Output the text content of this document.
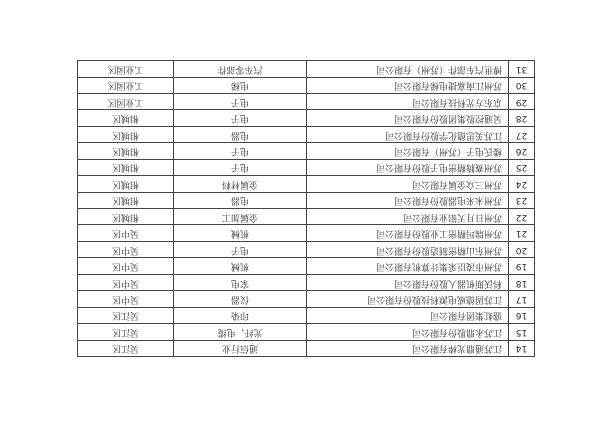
14	江苏通鼎光棒有限公司	通信行业	吴江区
15	江苏永鼎股份有限公司	光纤、电缆	吴江区
16	盛虹集团有限公司	印染	吴江区
17	江苏固德威电源科技股份有限公司	仪器	吴中区
18	科沃斯机器人股份有限公司	家电	吴中区
19	苏州市凌臣采集计算机有限公司	机械	吴中区
20	苏州东山精密制造股份有限公司	电子	吴中区
21	苏州瑞玛精密工业股份有限公司	机械	吴中区
22	苏州日月天铝业有限公司	金属加工	相城区
23	苏州未来电器股份有限公司	电器	相城区
24	苏州三众金属有限公司	金属材料	相城区
25	苏州赛腾精密电子股份有限公司	电子	相城区
26	楼氏电子（苏州）有限公司	电子	相城区
27	江苏美思德化学股份有限公司	电器	相城区
28	吴通控股集团股份有限公司	电子	相城区
29	京东方光科技有限公司	电子	工业园区
30	苏州江南嘉捷电梯有限公司	电梯	工业园区
31	博世汽车部件（苏州）有限公司	汽车零部件	工业园区
